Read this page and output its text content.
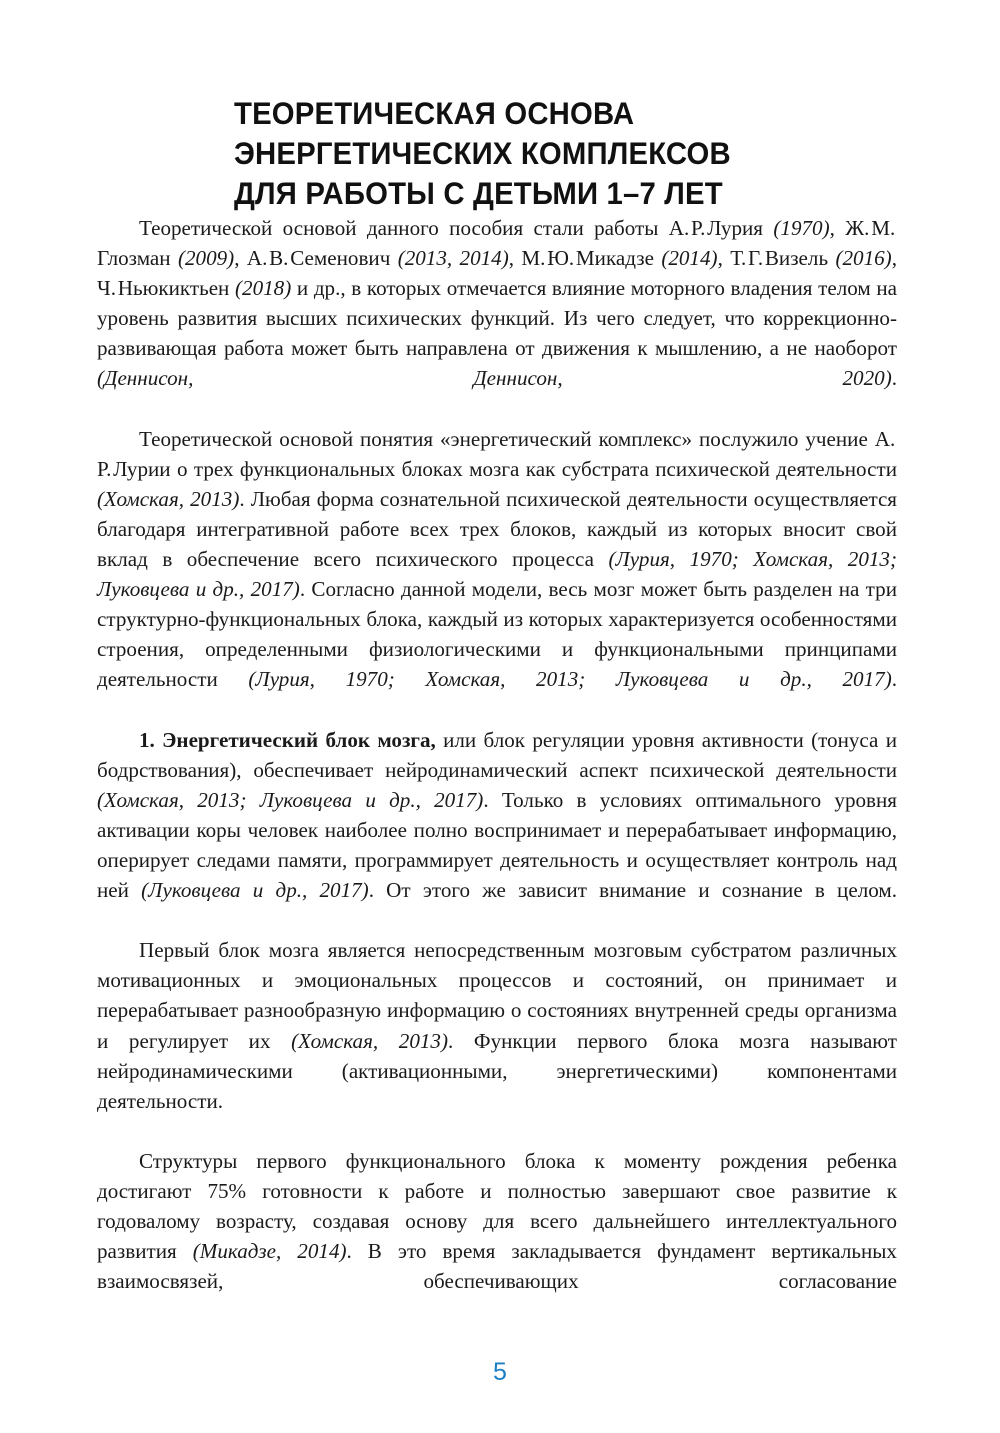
ТЕОРЕТИЧЕСКАЯ ОСНОВА
ЭНЕРГЕТИЧЕСКИХ КОМПЛЕКСОВ
ДЛЯ РАБОТЫ С ДЕТЬМИ 1–7 ЛЕТ

Теоретической основой данного пособия стали работы А. Р. Лурия (1970), Ж. М. Глозман (2009), А. В. Семенович (2013, 2014), М. Ю. Микадзе (2014), Т. Г. Визель (2016), Ч. Ньюкиктьен (2018) и др., в которых отмечается влияние моторного владения телом на уровень развития высших психических функций. Из чего следует, что коррекционно-развивающая работа может быть направлена от движения к мышлению, а не наоборот (Деннисон, Деннисон, 2020).

Теоретической основой понятия «энергетический комплекс» послужило учение А. Р. Лурии о трех функциональных блоках мозга как субстрата психической деятельности (Хомская, 2013). Любая форма сознательной психической деятельности осуществляется благодаря интегративной работе всех трех блоков, каждый из которых вносит свой вклад в обеспечение всего психического процесса (Лурия, 1970; Хомская, 2013; Луковцева и др., 2017). Согласно данной модели, весь мозг может быть разделен на три структурно-функциональных блока, каждый из которых характеризуется особенностями строения, определенными физиологическими и функциональными принципами деятельности (Лурия, 1970; Хомская, 2013; Луковцева и др., 2017).

1. Энергетический блок мозга, или блок регуляции уровня активности (тонуса и бодрствования), обеспечивает нейродинамический аспект психической деятельности (Хомская, 2013; Луковцева и др., 2017). Только в условиях оптимального уровня активации коры человек наиболее полно воспринимает и перерабатывает информацию, оперирует следами памяти, программирует деятельность и осуществляет контроль над ней (Луковцева и др., 2017). От этого же зависит внимание и сознание в целом.

Первый блок мозга является непосредственным мозговым субстратом различных мотивационных и эмоциональных процессов и состояний, он принимает и перерабатывает разнообразную информацию о состояниях внутренней среды организма и регулирует их (Хомская, 2013). Функции первого блока мозга называют нейродинамическими (активационными, энергетическими) компонентами деятельности.

Структуры первого функционального блока к моменту рождения ребенка достигают 75% готовности к работе и полностью завершают свое развитие к годовалому возрасту, создавая основу для всего дальнейшего интеллектуального развития (Микадзе, 2014). В это время закладывается фундамент вертикальных взаимосвязей, обеспечивающих согласование

5
